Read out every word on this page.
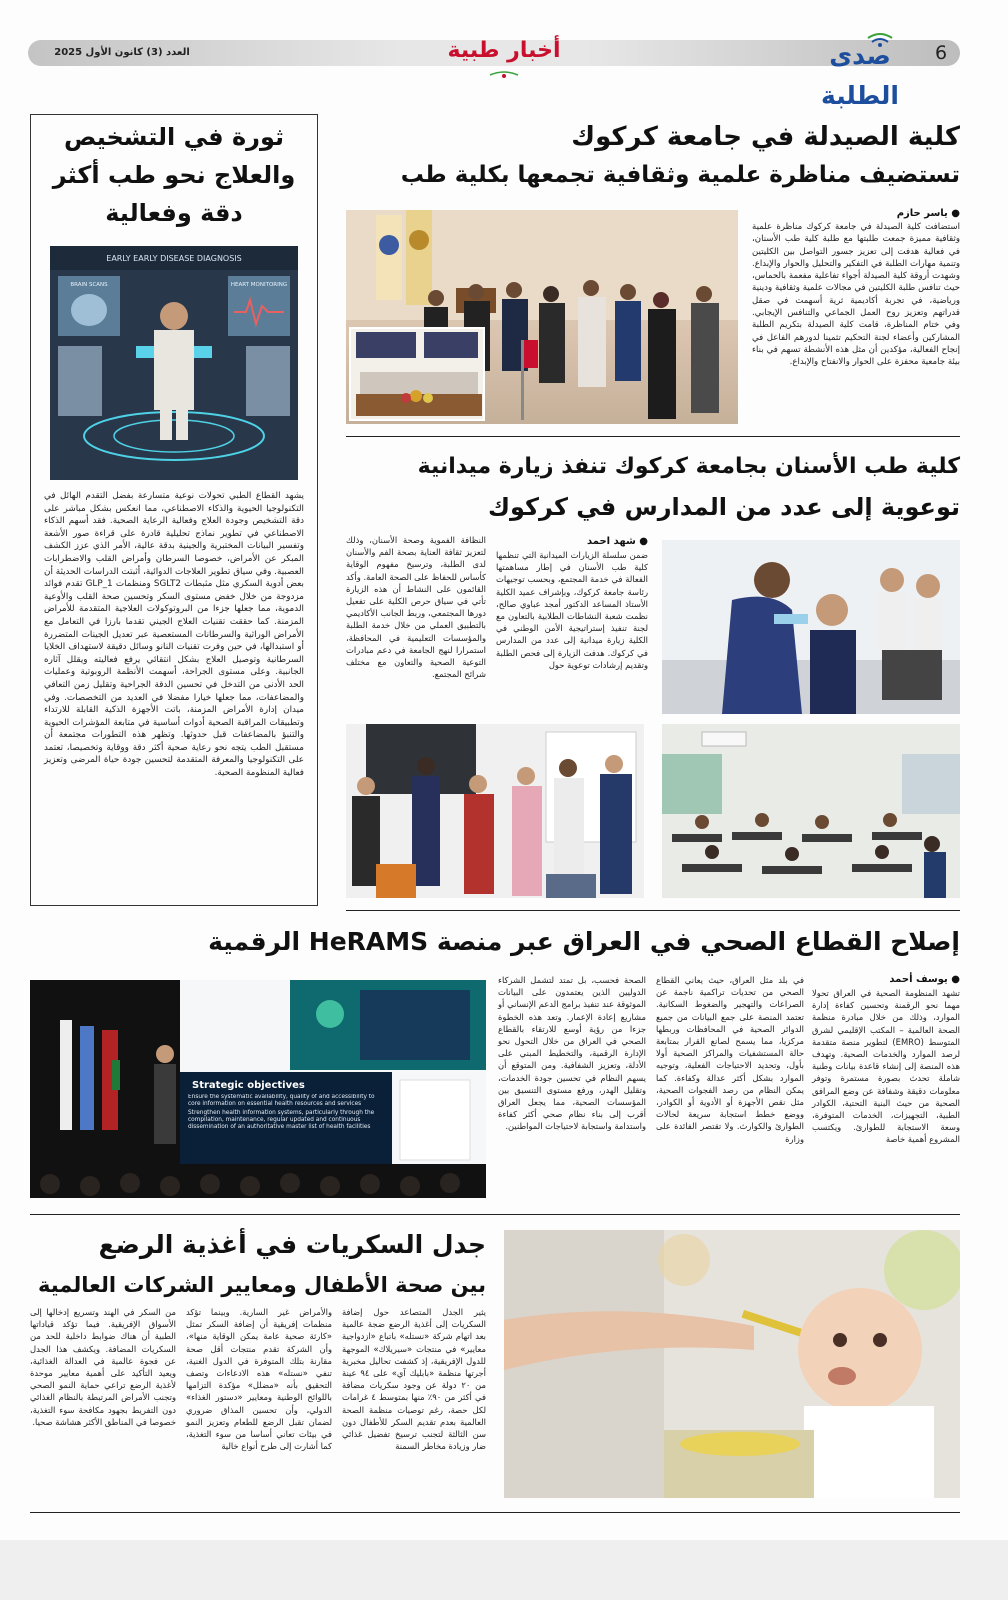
6
صدى الطلبة
أخبار طبية
العدد (3) كانون الأول 2025
كلية الصيدلة في جامعة كركوك
تستضيف مناظرة علمية وثقافية تجمعها بكلية طب

● ياسر حازم

استضافت كلية الصيدلة في جامعة كركوك مناظرة علمية وثقافية مميزة جمعت طلبتها مع طلبة كلية طب الأسنان، في فعالية هدفت إلى تعزيز جسور التواصل بين الكليتين وتنمية مهارات الطلبة في التفكير والتحليل والحوار والإبداع. وشهدت أروقة كلية الصيدلة أجواء تفاعلية مفعمة بالحماس، حيث تنافس طلبة الكليتين في مجالات علمية وثقافية ودينية ورياضية، في تجربة أكاديمية ثرية أسهمت في صقل قدراتهم وتعزيز روح العمل الجماعي والتنافس الإيجابي. وفي ختام المناظرة، قامت كلية الصيدلة بتكريم الطلبة المشاركين وأعضاء لجنة التحكيم تثمينا لدورهم الفاعل في إنجاح الفعالية، مؤكدين أن مثل هذه الأنشطة تسهم في بناء بيئة جامعية محفزة على الحوار والانفتاح والإبداع.

ثورة في التشخيص والعلاج نحو طب أكثر دقة وفعالية
EARLY EARLY DISEASE DIAGNOSIS
BRAIN SCANS	HEART MONITORING

يشهد القطاع الطبي تحولات نوعية متسارعة بفضل التقدم الهائل في التكنولوجيا الحيوية والذكاء الاصطناعي، مما انعكس بشكل مباشر على دقة التشخيص وجودة العلاج وفعالية الرعاية الصحية. فقد أسهم الذكاء الاصطناعي في تطوير نماذج تحليلية قادرة على قراءة صور الأشعة وتفسير البيانات المختبرية والجينية بدقة عالية، الأمر الذي عزز الكشف المبكر عن الأمراض، خصوصا السرطان وأمراض القلب والاضطرابات العصبية. وفي سياق تطوير العلاجات الدوائية، أثبتت الدراسات الحديثة أن بعض أدوية السكري مثل مثبطات SGLT2 ومنظمات GLP_1 تقدم فوائد مزدوجة من خلال خفض مستوى السكر وتحسين صحة القلب والأوعية الدموية، مما جعلها جزءا من البروتوكولات العلاجية المتقدمة للأمراض المزمنة. كما حققت تقنيات العلاج الجيني تقدما بارزا في التعامل مع الأمراض الوراثية والسرطانات المستعصية عبر تعديل الجينات المتضررة أو استبدالها، في حين وفرت تقنيات النانو وسائل دقيقة لاستهداف الخلايا السرطانية وتوصيل العلاج بشكل انتقائي يرفع فعاليته ويقلل آثاره الجانبية. وعلى مستوى الجراحة، أسهمت الأنظمة الروبوتية وعمليات الحد الأدنى من التدخل في تحسين الدقة الجراحية وتقليل زمن التعافي والمضاعفات، مما جعلها خيارا مفضلا في العديد من التخصصات. وفي ميدان إدارة الأمراض المزمنة، باتت الأجهزة الذكية القابلة للارتداء وتطبيقات المراقبة الصحية أدوات أساسية في متابعة المؤشرات الحيوية والتنبؤ بالمضاعفات قبل حدوثها. وتظهر هذه التطورات مجتمعة أن مستقبل الطب يتجه نحو رعاية صحية أكثر دقة ووقاية وتخصيصا، تعتمد على التكنولوجيا والمعرفة المتقدمة لتحسين جودة حياة المرضى وتعزيز فعالية المنظومة الصحية.

كلية طب الأسنان بجامعة كركوك تنفذ زيارة ميدانية
توعوية إلى عدد من المدارس في كركوك

● شهد احمد

ضمن سلسلة الزيارات الميدانية التي تنظمها كلية طب الأسنان في إطار مساهمتها الفعالة في خدمة المجتمع، وبحسب توجيهات رئاسة جامعة كركوك، وبإشراف عميد الكلية الأستاذ المساعد الدكتور أمجد عباوي صالح، نظمت شعبة النشاطات الطلابية بالتعاون مع لجنة تنفيذ إستراتيجية الأمن الوطني في الكلية زيارة ميدانية إلى عدد من المدارس في كركوك. هدفت الزيارة إلى فحص الطلبة وتقديم إرشادات توعوية حول

النظافة الفموية وصحة الأسنان، وذلك لتعزيز ثقافة العناية بصحة الفم والأسنان لدى الطلبة، وترسيخ مفهوم الوقاية كأساس للحفاظ على الصحة العامة. وأكد القائمون على النشاط أن هذه الزيارة تأتي في سياق حرص الكلية على تفعيل دورها المجتمعي، وربط الجانب الأكاديمي بالتطبيق العملي من خلال خدمة الطلبة والمؤسسات التعليمية في المحافظة، استمرارا لنهج الجامعة في دعم مبادرات التوعية الصحية والتعاون مع مختلف شرائح المجتمع.

إصلاح القطاع الصحي في العراق عبر منصة HeRAMS الرقمية
Strategic objectives
Ensure the systematic availability, quality of and accessibility to core information on essential health resources and services
Strengthen health information systems, particularly through the compilation, maintenance, regular updated and continuous dissemination of an authoritative master list of health facilities

● يوسف أحمد

تشهد المنظومة الصحية في العراق تحولا مهما نحو الرقمنة وتحسين كفاءة إدارة الموارد، وذلك من خلال مبادرة منظمة الصحة العالمية – المكتب الإقليمي لشرق المتوسط (EMRO) لتطوير منصة متقدمة لرصد الموارد والخدمات الصحية. وتهدف هذه المنصة إلى إنشاء قاعدة بيانات وطنية شاملة تحدث بصورة مستمرة وتوفر معلومات دقيقة وشفافة عن وضع المرافق الصحية من حيث البنية التحتية، الكوادر الطبية، التجهيزات، الخدمات المتوفرة، وسعة الاستجابة للطوارئ. ويكتسب المشروع أهمية خاصة

في بلد مثل العراق، حيث يعاني القطاع الصحي من تحديات تراكمية ناجمة عن الصراعات والتهجير والضغوط السكانية. تعتمد المنصة على جمع البيانات من جميع الدوائر الصحية في المحافظات وربطها مركزيا، مما يسمح لصانع القرار بمتابعة حالة المستشفيات والمراكز الصحية أولا بأول، وتحديد الاحتياجات الفعلية، وتوجيه الموارد بشكل أكثر عدالة وكفاءة. كما يمكن النظام من رصد الفجوات الصحية، مثل نقص الأجهزة أو الأدوية أو الكوادر، ووضع خطط استجابة سريعة لحالات الطوارئ والكوارث. ولا تقتصر الفائدة على وزارة

الصحة فحسب، بل تمتد لتشمل الشركاء الدوليين الذين يعتمدون على البيانات الموثوقة عند تنفيذ برامج الدعم الإنساني أو مشاريع إعادة الإعمار. وتعد هذه الخطوة جزءا من رؤية أوسع للارتقاء بالقطاع الصحي في العراق من خلال التحول نحو الإدارة الرقمية، والتخطيط المبني على الأدلة، وتعزيز الشفافية. ومن المتوقع أن يسهم النظام في تحسين جودة الخدمات، وتقليل الهدر، ورفع مستوى التنسيق بين المؤسسات الصحية، مما يجعل العراق أقرب إلى بناء نظام صحي أكثر كفاءة واستدامة واستجابة لاحتياجات المواطنين.

جدل السكريات في أغذية الرضع
بين صحة الأطفال ومعايير الشركات العالمية

يثير الجدل المتصاعد حول إضافة السكريات إلى أغذية الرضع ضجة عالمية بعد اتهام شركة «نستله» باتباع «ازدواجية معايير» في منتجات «سيريلاك» الموجهة للدول الإفريقية، إذ كشفت تحاليل مخبرية أجرتها منظمة «بابليك آي» على ٩٤ عينة من ٢٠ دولة عن وجود سكريات مضافة في أكثر من ٩٠٪ منها بمتوسط ٤ غرامات لكل حصة، رغم توصيات منظمة الصحة العالمية بعدم تقديم السكر للأطفال دون سن الثالثة لتجنب ترسيخ تفضيل غذائي ضار وزيادة مخاطر السمنة

والأمراض غير السارية. وبينما تؤكد منظمات إفريقية أن إضافة السكر تمثل «كارثة صحية عامة يمكن الوقاية منها»، وأن الشركة تقدم منتجات أقل صحة مقارنة بتلك المتوفرة في الدول الغنية، تنفي «نستله» هذه الادعاءات وتصف التحقيق بأنه «مضلل» مؤكدة التزامها باللوائح الوطنية ومعايير «دستور الغذاء» الدولي، وأن تحسين المذاق ضروري لضمان تقبل الرضع للطعام وتعزيز النمو في بيئات تعاني أساسا من سوء التغذية، كما أشارت إلى طرح أنواع خالية

من السكر في الهند وتسريع إدخالها إلى الأسواق الإفريقية. فيما تؤكد قياداتها الطبية أن هناك ضوابط داخلية للحد من السكريات المضافة. ويكشف هذا الجدل عن فجوة عالمية في العدالة الغذائية، ويعيد التأكيد على أهمية معايير موحدة لأغذية الرضع تراعي حماية النمو الصحي وتجنب الأمراض المرتبطة بالنظام الغذائي دون التفريط بجهود مكافحة سوء التغذية، خصوصا في المناطق الأكثر هشاشة صحيا.
